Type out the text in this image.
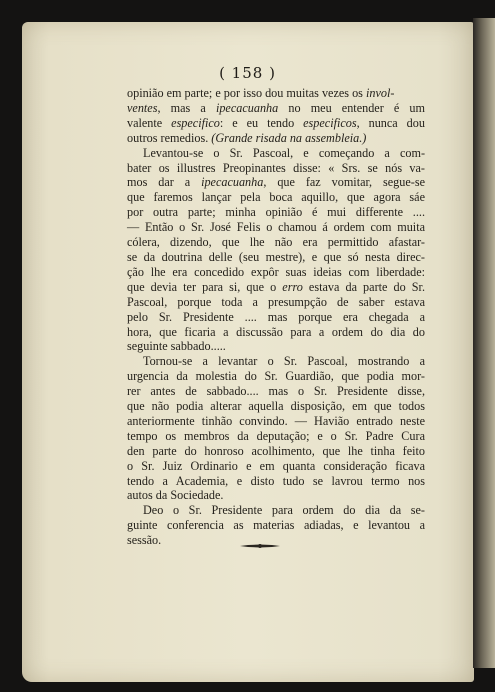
( 158 )
opinião em parte; e por isso dou muitas vezes os invol-
ventes, mas a ipecacuanha no meu entender é um
valente especifico: e eu tendo especificos, nunca dou
outros remedios. (Grande risada na assembleia.)
Levantou-se o Sr. Pascoal, e começando a com-
bater os illustres Preopinantes disse: « Srs. se nós va-
mos dar a ipecacuanha, que faz vomitar, segue-se
que faremos lançar pela boca aquillo, que agora sáe
por outra parte; minha opinião é mui differente ....
— Então o Sr. José Felis o chamou á ordem com muita
cólera, dizendo, que lhe não era permittido afastar-
se da doutrina delle (seu mestre), e que só nesta direc-
ção lhe era concedido expôr suas ideias com liberdade:
que devia ter para si, que o erro estava da parte do Sr.
Pascoal, porque toda a presumpção de saber estava
pelo Sr. Presidente .... mas porque era chegada a
hora, que ficaria a discussão para a ordem do dia do
seguinte sabbado.....
Tornou-se a levantar o Sr. Pascoal, mostrando a
urgencia da molestia do Sr. Guardião, que podia mor-
rer antes de sabbado.... mas o Sr. Presidente disse,
que não podia alterar aquella disposição, em que todos
anteriormente tinhão convindo. — Havião entrado neste
tempo os membros da deputação; e o Sr. Padre Cura
den parte do honroso acolhimento, que lhe tinha feito
o Sr. Juiz Ordinario e em quanta consideração ficava
tendo a Academia, e disto tudo se lavrou termo nos
autos da Sociedade.
Deo o Sr. Presidente para ordem do dia da se-
guinte conferencia as materias adiadas, e levantou a
sessão.
